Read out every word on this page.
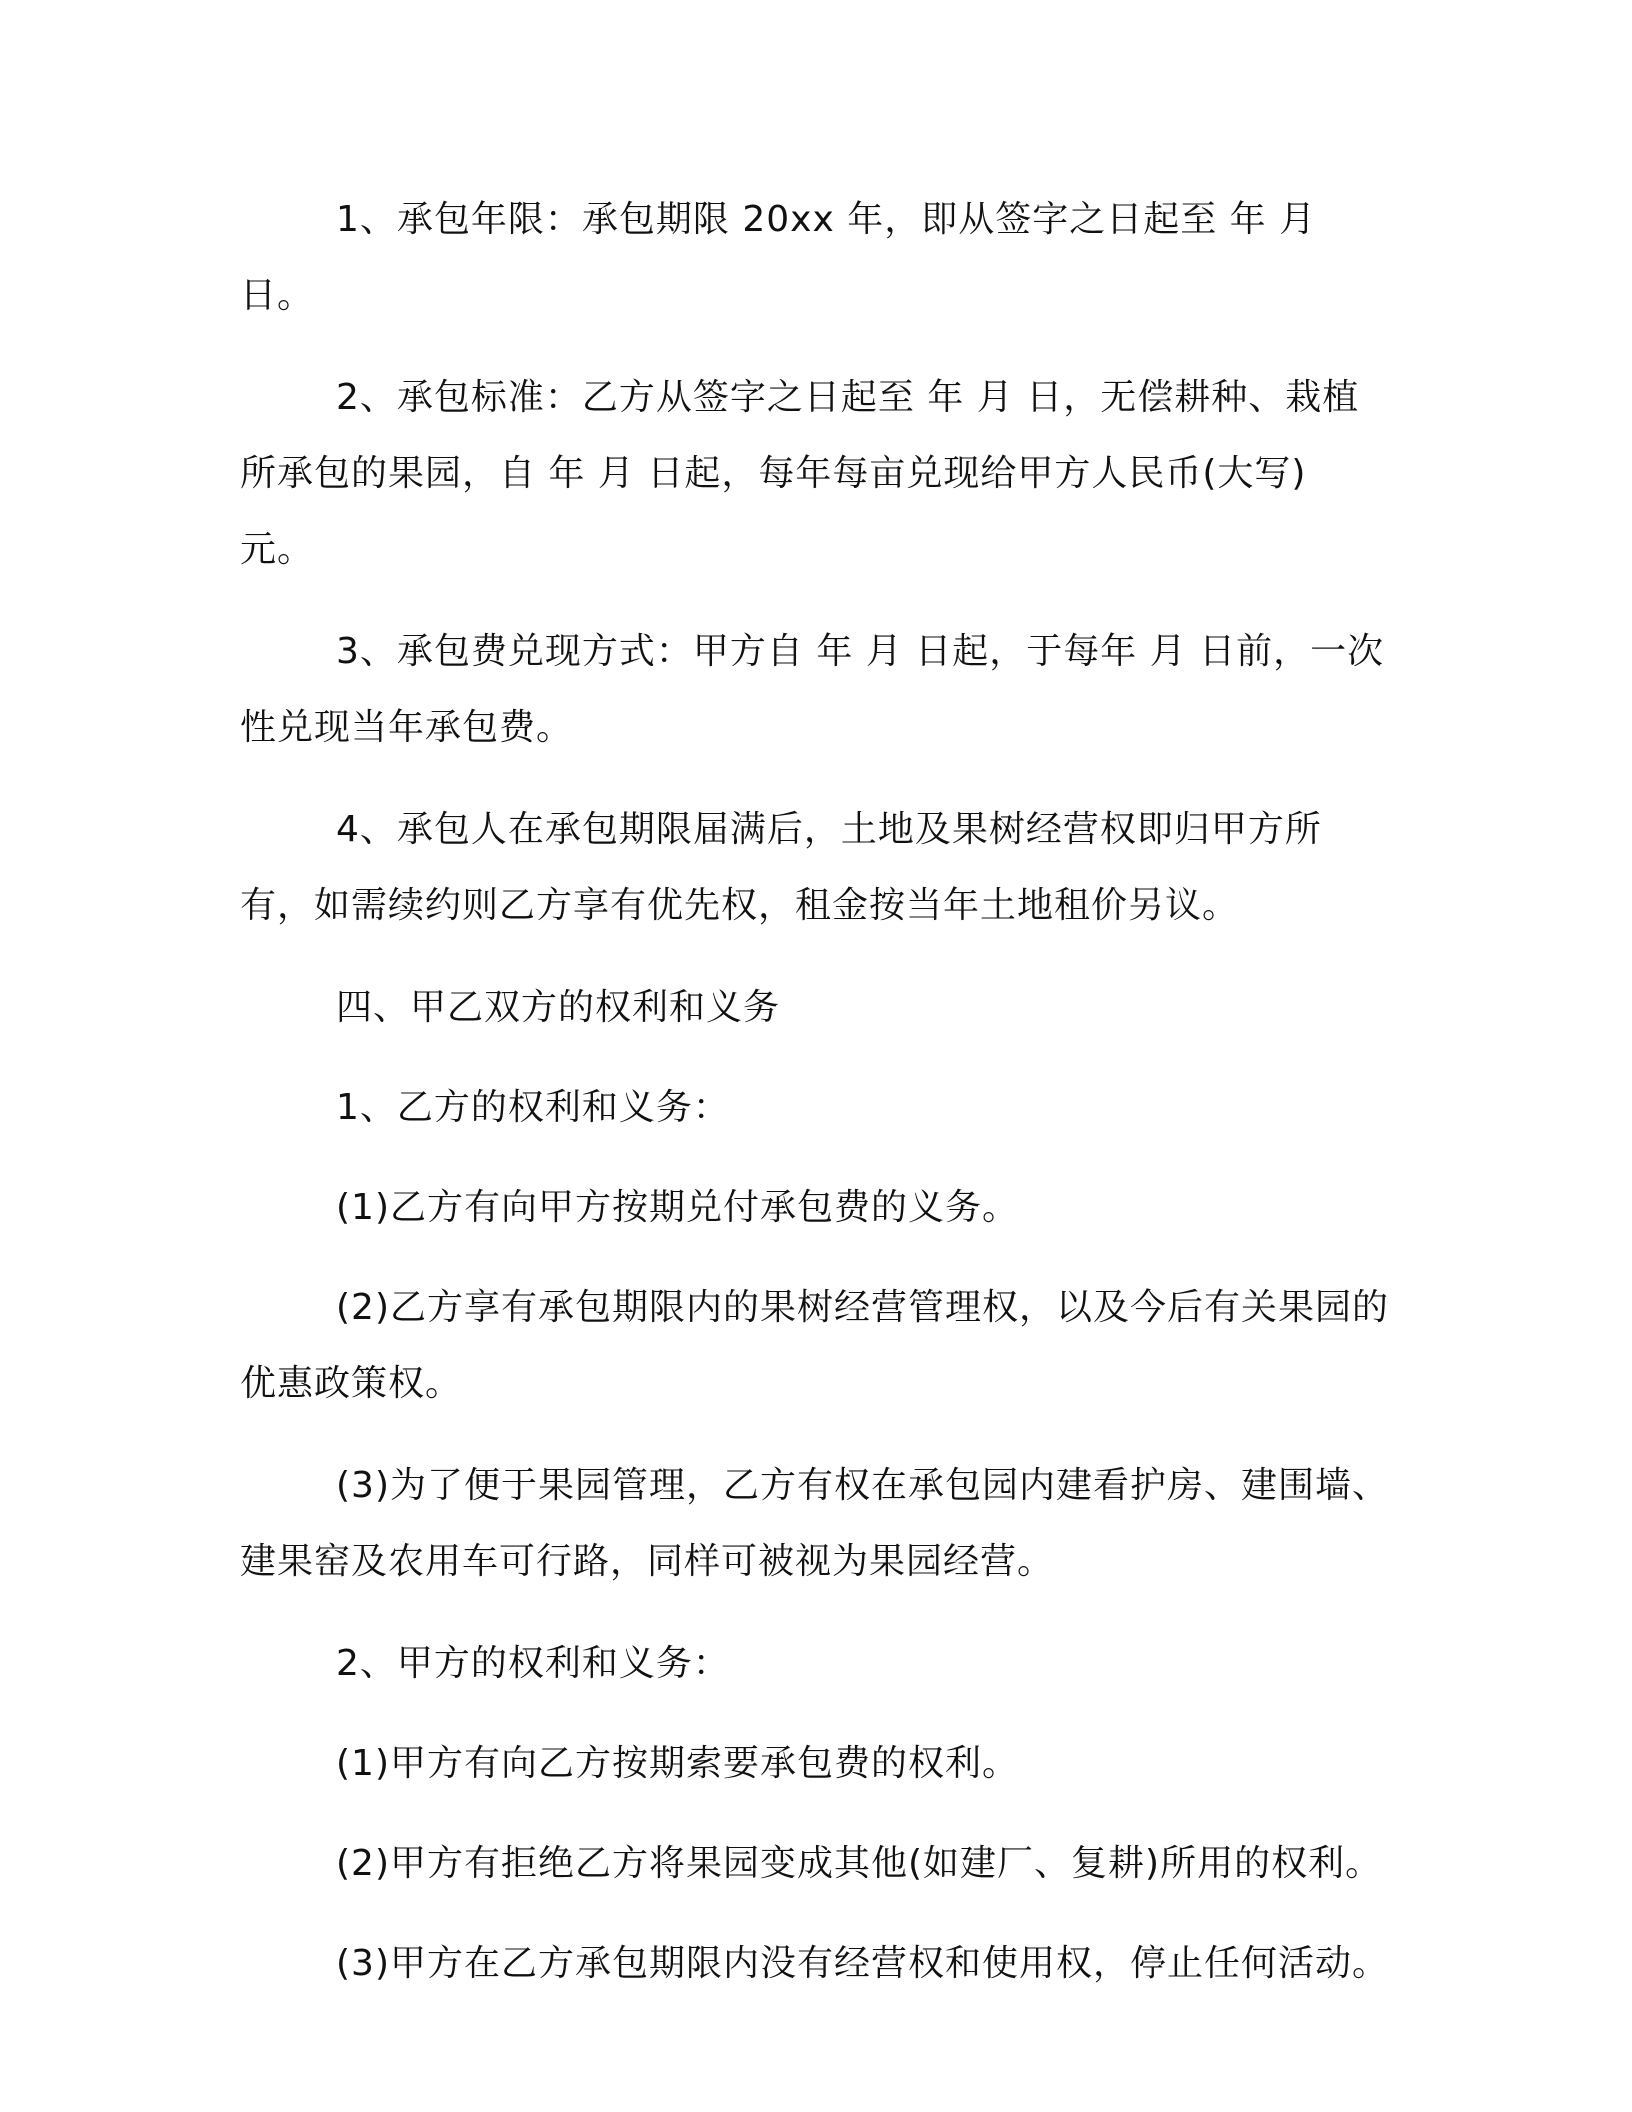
1、承包年限：承包期限 20xx 年，即从签字之日起至 年 月 日。

2、承包标准：乙方从签字之日起至 年 月 日，无偿耕种、栽植所承包的果园，自 年 月 日起，每年每亩兑现给甲方人民币(大写) 元。

3、承包费兑现方式：甲方自 年 月 日起，于每年 月 日前，一次性兑现当年承包费。

4、承包人在承包期限届满后，土地及果树经营权即归甲方所有，如需续约则乙方享有优先权，租金按当年土地租价另议。

四、甲乙双方的权利和义务

1、乙方的权利和义务：

(1)乙方有向甲方按期兑付承包费的义务。

(2)乙方享有承包期限内的果树经营管理权，以及今后有关果园的优惠政策权。

(3)为了便于果园管理，乙方有权在承包园内建看护房、建围墙、建果窑及农用车可行路，同样可被视为果园经营。

2、甲方的权利和义务：

(1)甲方有向乙方按期索要承包费的权利。

(2)甲方有拒绝乙方将果园变成其他(如建厂、复耕)所用的权利。

(3)甲方在乙方承包期限内没有经营权和使用权，停止任何活动。
